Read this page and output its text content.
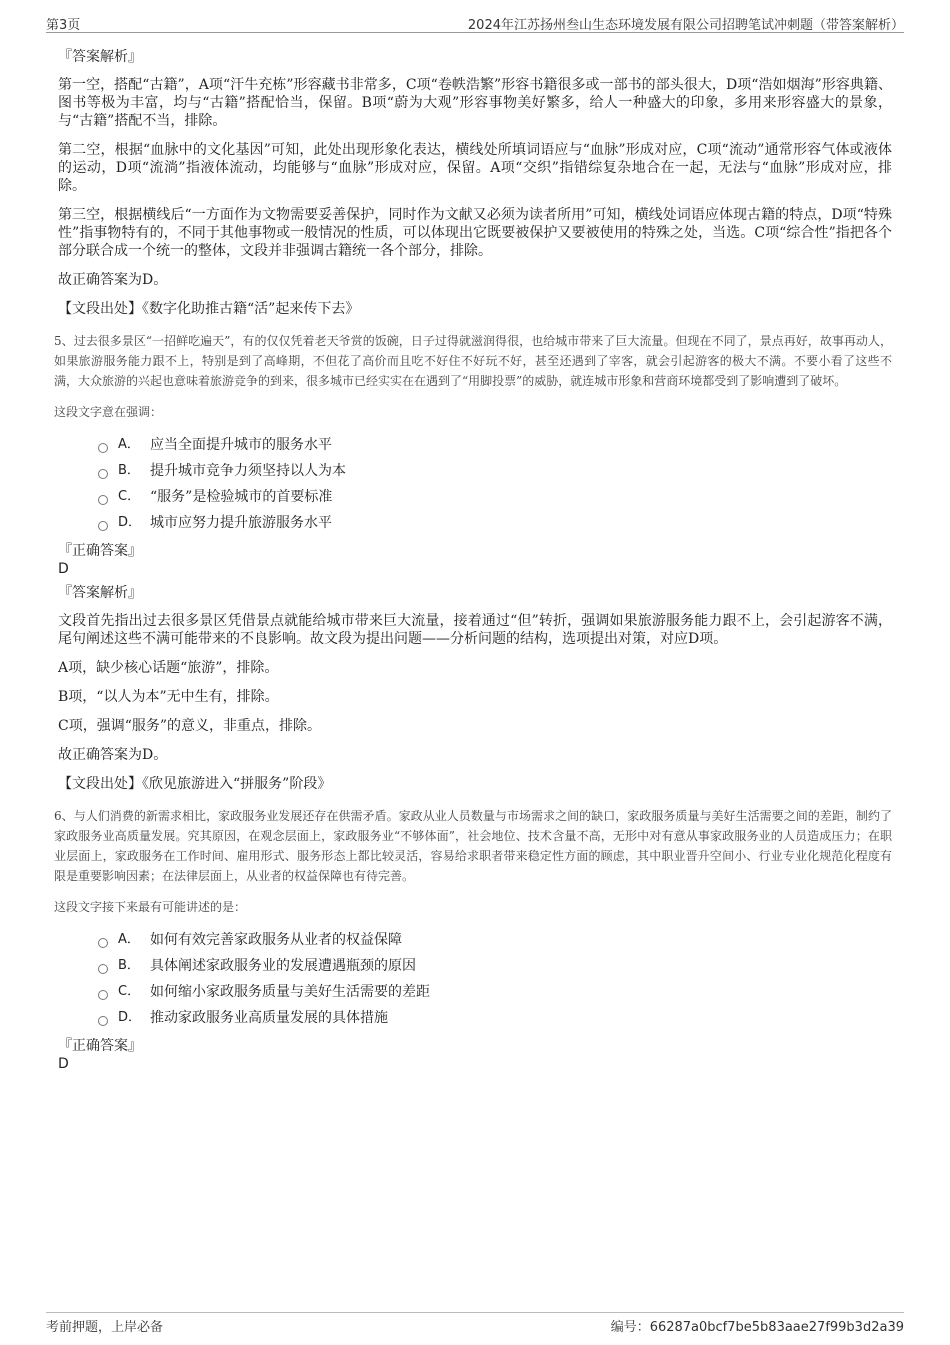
第3页	2024年江苏扬州叁山生态环境发展有限公司招聘笔试冲刺题（带答案解析）
『答案解析』

第一空，搭配“古籍”，A项“汗牛充栋”形容藏书非常多，C项“卷帙浩繁”形容书籍很多或一部书的部头很大，D项“浩如烟海”形容典籍、图书等极为丰富，均与“古籍”搭配恰当，保留。B项“蔚为大观”形容事物美好繁多，给人一种盛大的印象，多用来形容盛大的景象，与“古籍”搭配不当，排除。

第二空，根据“血脉中的文化基因”可知，此处出现形象化表达，横线处所填词语应与“血脉”形成对应，C项“流动”通常形容气体或液体的运动，D项“流淌”指液体流动，均能够与“血脉”形成对应，保留。A项“交织”指错综复杂地合在一起，无法与“血脉”形成对应，排除。

第三空，根据横线后“一方面作为文物需要妥善保护，同时作为文献又必须为读者所用”可知，横线处词语应体现古籍的特点，D项“特殊性”指事物特有的，不同于其他事物或一般情况的性质，可以体现出它既要被保护又要被使用的特殊之处，当选。C项“综合性”指把各个部分联合成一个统一的整体，文段并非强调古籍统一各个部分，排除。

故正确答案为D。

【文段出处】《数字化助推古籍“活”起来传下去》

5、过去很多景区“一招鲜吃遍天”，有的仅仅凭着老天爷赏的饭碗，日子过得就滋润得很，也给城市带来了巨大流量。但现在不同了，景点再好，故事再动人，如果旅游服务能力跟不上，特别是到了高峰期，不但花了高价而且吃不好住不好玩不好，甚至还遇到了宰客，就会引起游客的极大不满。不要小看了这些不满，大众旅游的兴起也意味着旅游竞争的到来，很多城市已经实实在在遇到了“用脚投票”的威胁，就连城市形象和营商环境都受到了影响遭到了破坏。

这段文字意在强调：

A． 应当全面提升城市的服务水平
B． 提升城市竞争力须坚持以人为本
C． “服务”是检验城市的首要标准
D． 城市应努力提升旅游服务水平
『正确答案』
D
『答案解析』

文段首先指出过去很多景区凭借景点就能给城市带来巨大流量，接着通过“但”转折，强调如果旅游服务能力跟不上，会引起游客不满，尾句阐述这些不满可能带来的不良影响。故文段为提出问题——分析问题的结构，选项提出对策，对应D项。

A项，缺少核心话题“旅游”，排除。

B项，“以人为本”无中生有，排除。

C项，强调“服务”的意义，非重点，排除。

故正确答案为D。

【文段出处】《欣见旅游进入“拼服务”阶段》

6、与人们消费的新需求相比，家政服务业发展还存在供需矛盾。家政从业人员数量与市场需求之间的缺口，家政服务质量与美好生活需要之间的差距，制约了家政服务业高质量发展。究其原因，在观念层面上，家政服务业“不够体面”，社会地位、技术含量不高，无形中对有意从事家政服务业的人员造成压力；在职业层面上，家政服务在工作时间、雇用形式、服务形态上都比较灵活，容易给求职者带来稳定性方面的顾虑，其中职业晋升空间小、行业专业化规范化程度有限是重要影响因素；在法律层面上，从业者的权益保障也有待完善。

这段文字接下来最有可能讲述的是：

A． 如何有效完善家政服务从业者的权益保障
B． 具体阐述家政服务业的发展遭遇瓶颈的原因
C． 如何缩小家政服务质量与美好生活需要的差距
D． 推动家政服务业高质量发展的具体措施
『正确答案』
D
考前押题，上岸必备	编号：66287a0bcf7be5b83aae27f99b3d2a39
